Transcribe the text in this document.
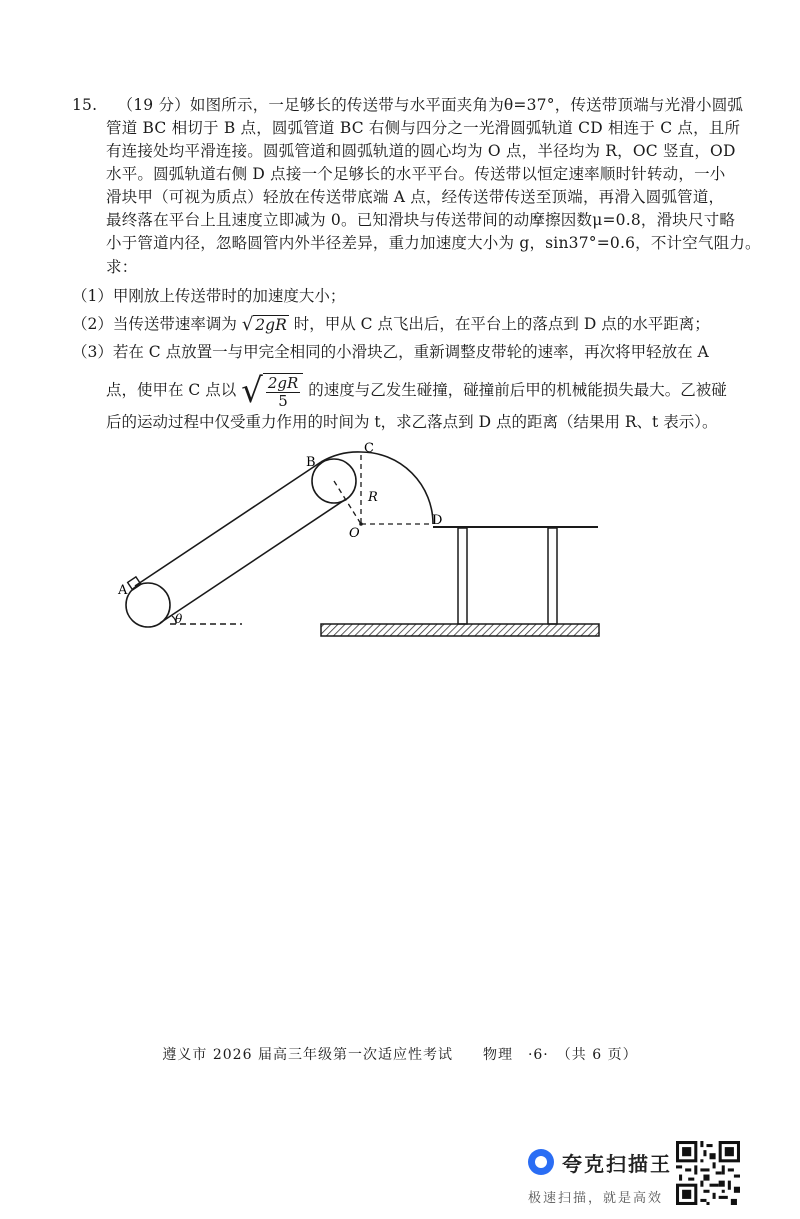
15. （19 分）如图所示，一足够长的传送带与水平面夹角为θ=37°，传送带顶端与光滑小圆弧
管道 BC 相切于 B 点，圆弧管道 BC 右侧与四分之一光滑圆弧轨道 CD 相连于 C 点，且所
有连接处均平滑连接。圆弧管道和圆弧轨道的圆心均为 O 点，半径均为 R，OC 竖直，OD
水平。圆弧轨道右侧 D 点接一个足够长的水平平台。传送带以恒定速率顺时针转动，一小
滑块甲（可视为质点）轻放在传送带底端 A 点，经传送带传送至顶端，再滑入圆弧管道，
最终落在平台上且速度立即减为 0。已知滑块与传送带间的动摩擦因数μ=0.8，滑块尺寸略
小于管道内径，忽略圆管内外半径差异，重力加速度大小为 g，sin37°=0.6，不计空气阻力。
求：
（1）甲刚放上传送带时的加速度大小；
（2）当传送带速率调为 √ 2gR 时，甲从 C 点飞出后，在平台上的落点到 D 点的水平距离；
（3）若在 C 点放置一与甲完全相同的小滑块乙，重新调整皮带轮的速率，再次将甲轻放在 A
点，使甲在 C 点以 √ $\frac{2gR}{5}$ 的速度与乙发生碰撞，碰撞前后甲的机械能损失最大。乙被碰
后的运动过程中仅受重力作用的时间为 t，求乙落点到 D 点的距离（结果用 R、t 表示）。
A
B
C
D
O
R
θ
遵义市 2026 届高三年级第一次适应性考试　　物理　·6·　（共 6 页）
夸克扫描王
极速扫描，就是高效
